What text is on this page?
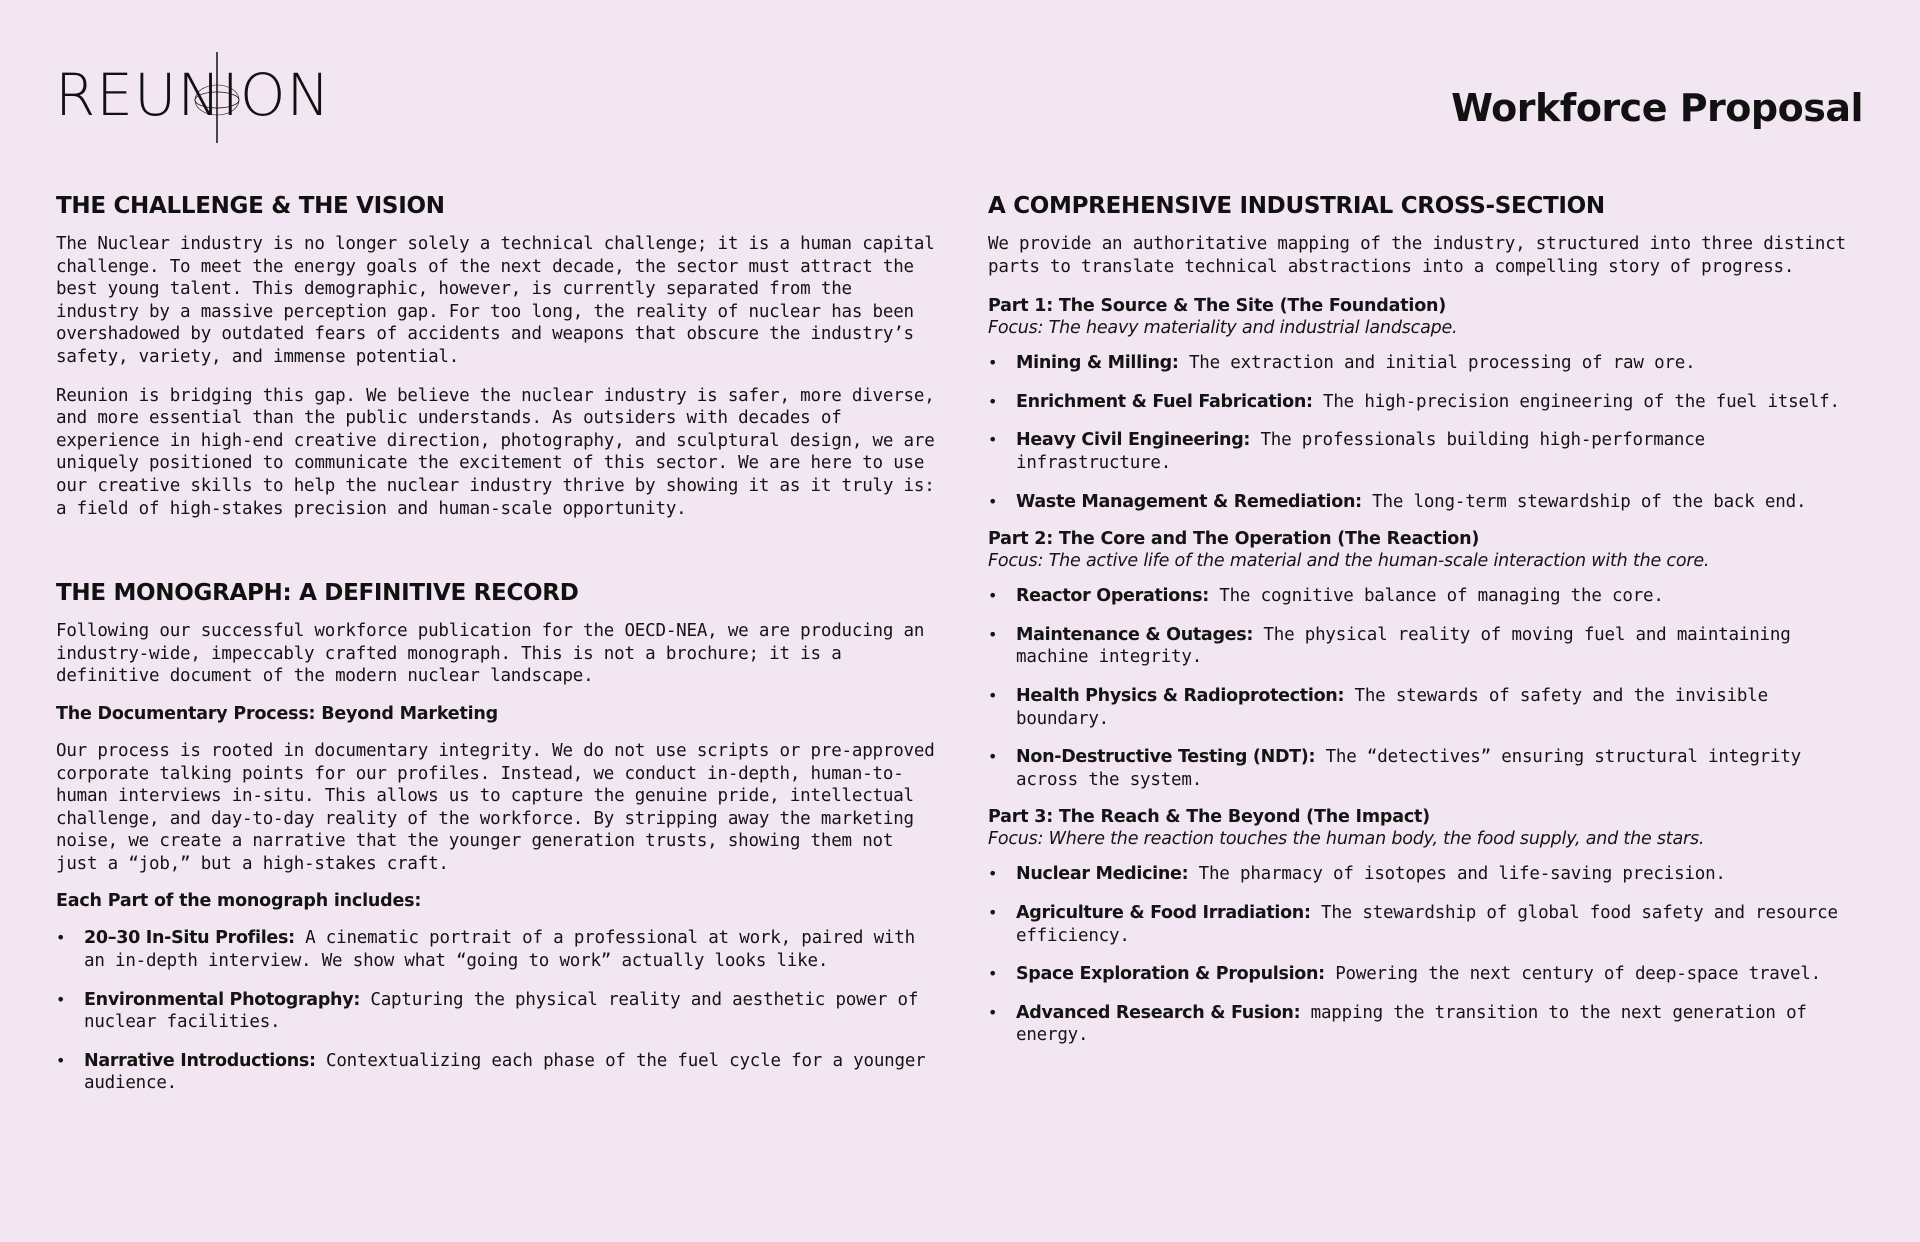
REUNION	Workforce Proposal
THE CHALLENGE & THE VISION

The Nuclear industry is no longer solely a technical challenge; it is a human capital challenge. To meet the energy goals of the next decade, the sector must attract the best young talent. This demographic, however, is currently separated from the industry by a massive perception gap. For too long, the reality of nuclear has been overshadowed by outdated fears of accidents and weapons that obscure the industry’s safety, variety, and immense potential.

Reunion is bridging this gap. We believe the nuclear industry is safer, more diverse, and more essential than the public understands. As outsiders with decades of experience in high-end creative direction, photography, and sculptural design, we are uniquely positioned to communicate the excitement of this sector. We are here to use our creative skills to help the nuclear industry thrive by showing it as it truly is: a field of high-stakes precision and human-scale opportunity.

THE MONOGRAPH: A DEFINITIVE RECORD

Following our successful workforce publication for the OECD-NEA, we are producing an industry-wide, impeccably crafted monograph. This is not a brochure; it is a definitive document of the modern nuclear landscape.

The Documentary Process: Beyond Marketing

Our process is rooted in documentary integrity. We do not use scripts or pre-approved corporate talking points for our profiles. Instead, we conduct in-depth, human-to-human interviews in-situ. This allows us to capture the genuine pride, intellectual challenge, and day-to-day reality of the workforce. By stripping away the marketing noise, we create a narrative that the younger generation trusts, showing them not just a “job,” but a high-stakes craft.

Each Part of the monograph includes:
• 20–30 In-Situ Profiles: A cinematic portrait of a professional at work, paired with an in-depth interview. We show what “going to work” actually looks like.
• Environmental Photography: Capturing the physical reality and aesthetic power of nuclear facilities.
• Narrative Introductions: Contextualizing each phase of the fuel cycle for a younger audience.
A COMPREHENSIVE INDUSTRIAL CROSS-SECTION

We provide an authoritative mapping of the industry, structured into three distinct parts to translate technical abstractions into a compelling story of progress.

Part 1: The Source & The Site (The Foundation)
Focus: The heavy materiality and industrial landscape.
• Mining & Milling: The extraction and initial processing of raw ore.
• Enrichment & Fuel Fabrication: The high-precision engineering of the fuel itself.
• Heavy Civil Engineering: The professionals building high-performance infrastructure.
• Waste Management & Remediation: The long-term stewardship of the back end.
Part 2: The Core and The Operation (The Reaction)
Focus: The active life of the material and the human-scale interaction with the core.
• Reactor Operations: The cognitive balance of managing the core.
• Maintenance & Outages: The physical reality of moving fuel and maintaining machine integrity.
• Health Physics & Radioprotection: The stewards of safety and the invisible boundary.
• Non-Destructive Testing (NDT): The “detectives” ensuring structural integrity across the system.
Part 3: The Reach & The Beyond (The Impact)
Focus: Where the reaction touches the human body, the food supply, and the stars.
• Nuclear Medicine: The pharmacy of isotopes and life-saving precision.
• Agriculture & Food Irradiation: The stewardship of global food safety and resource efficiency.
• Space Exploration & Propulsion: Powering the next century of deep-space travel.
• Advanced Research & Fusion: mapping the transition to the next generation of energy.
